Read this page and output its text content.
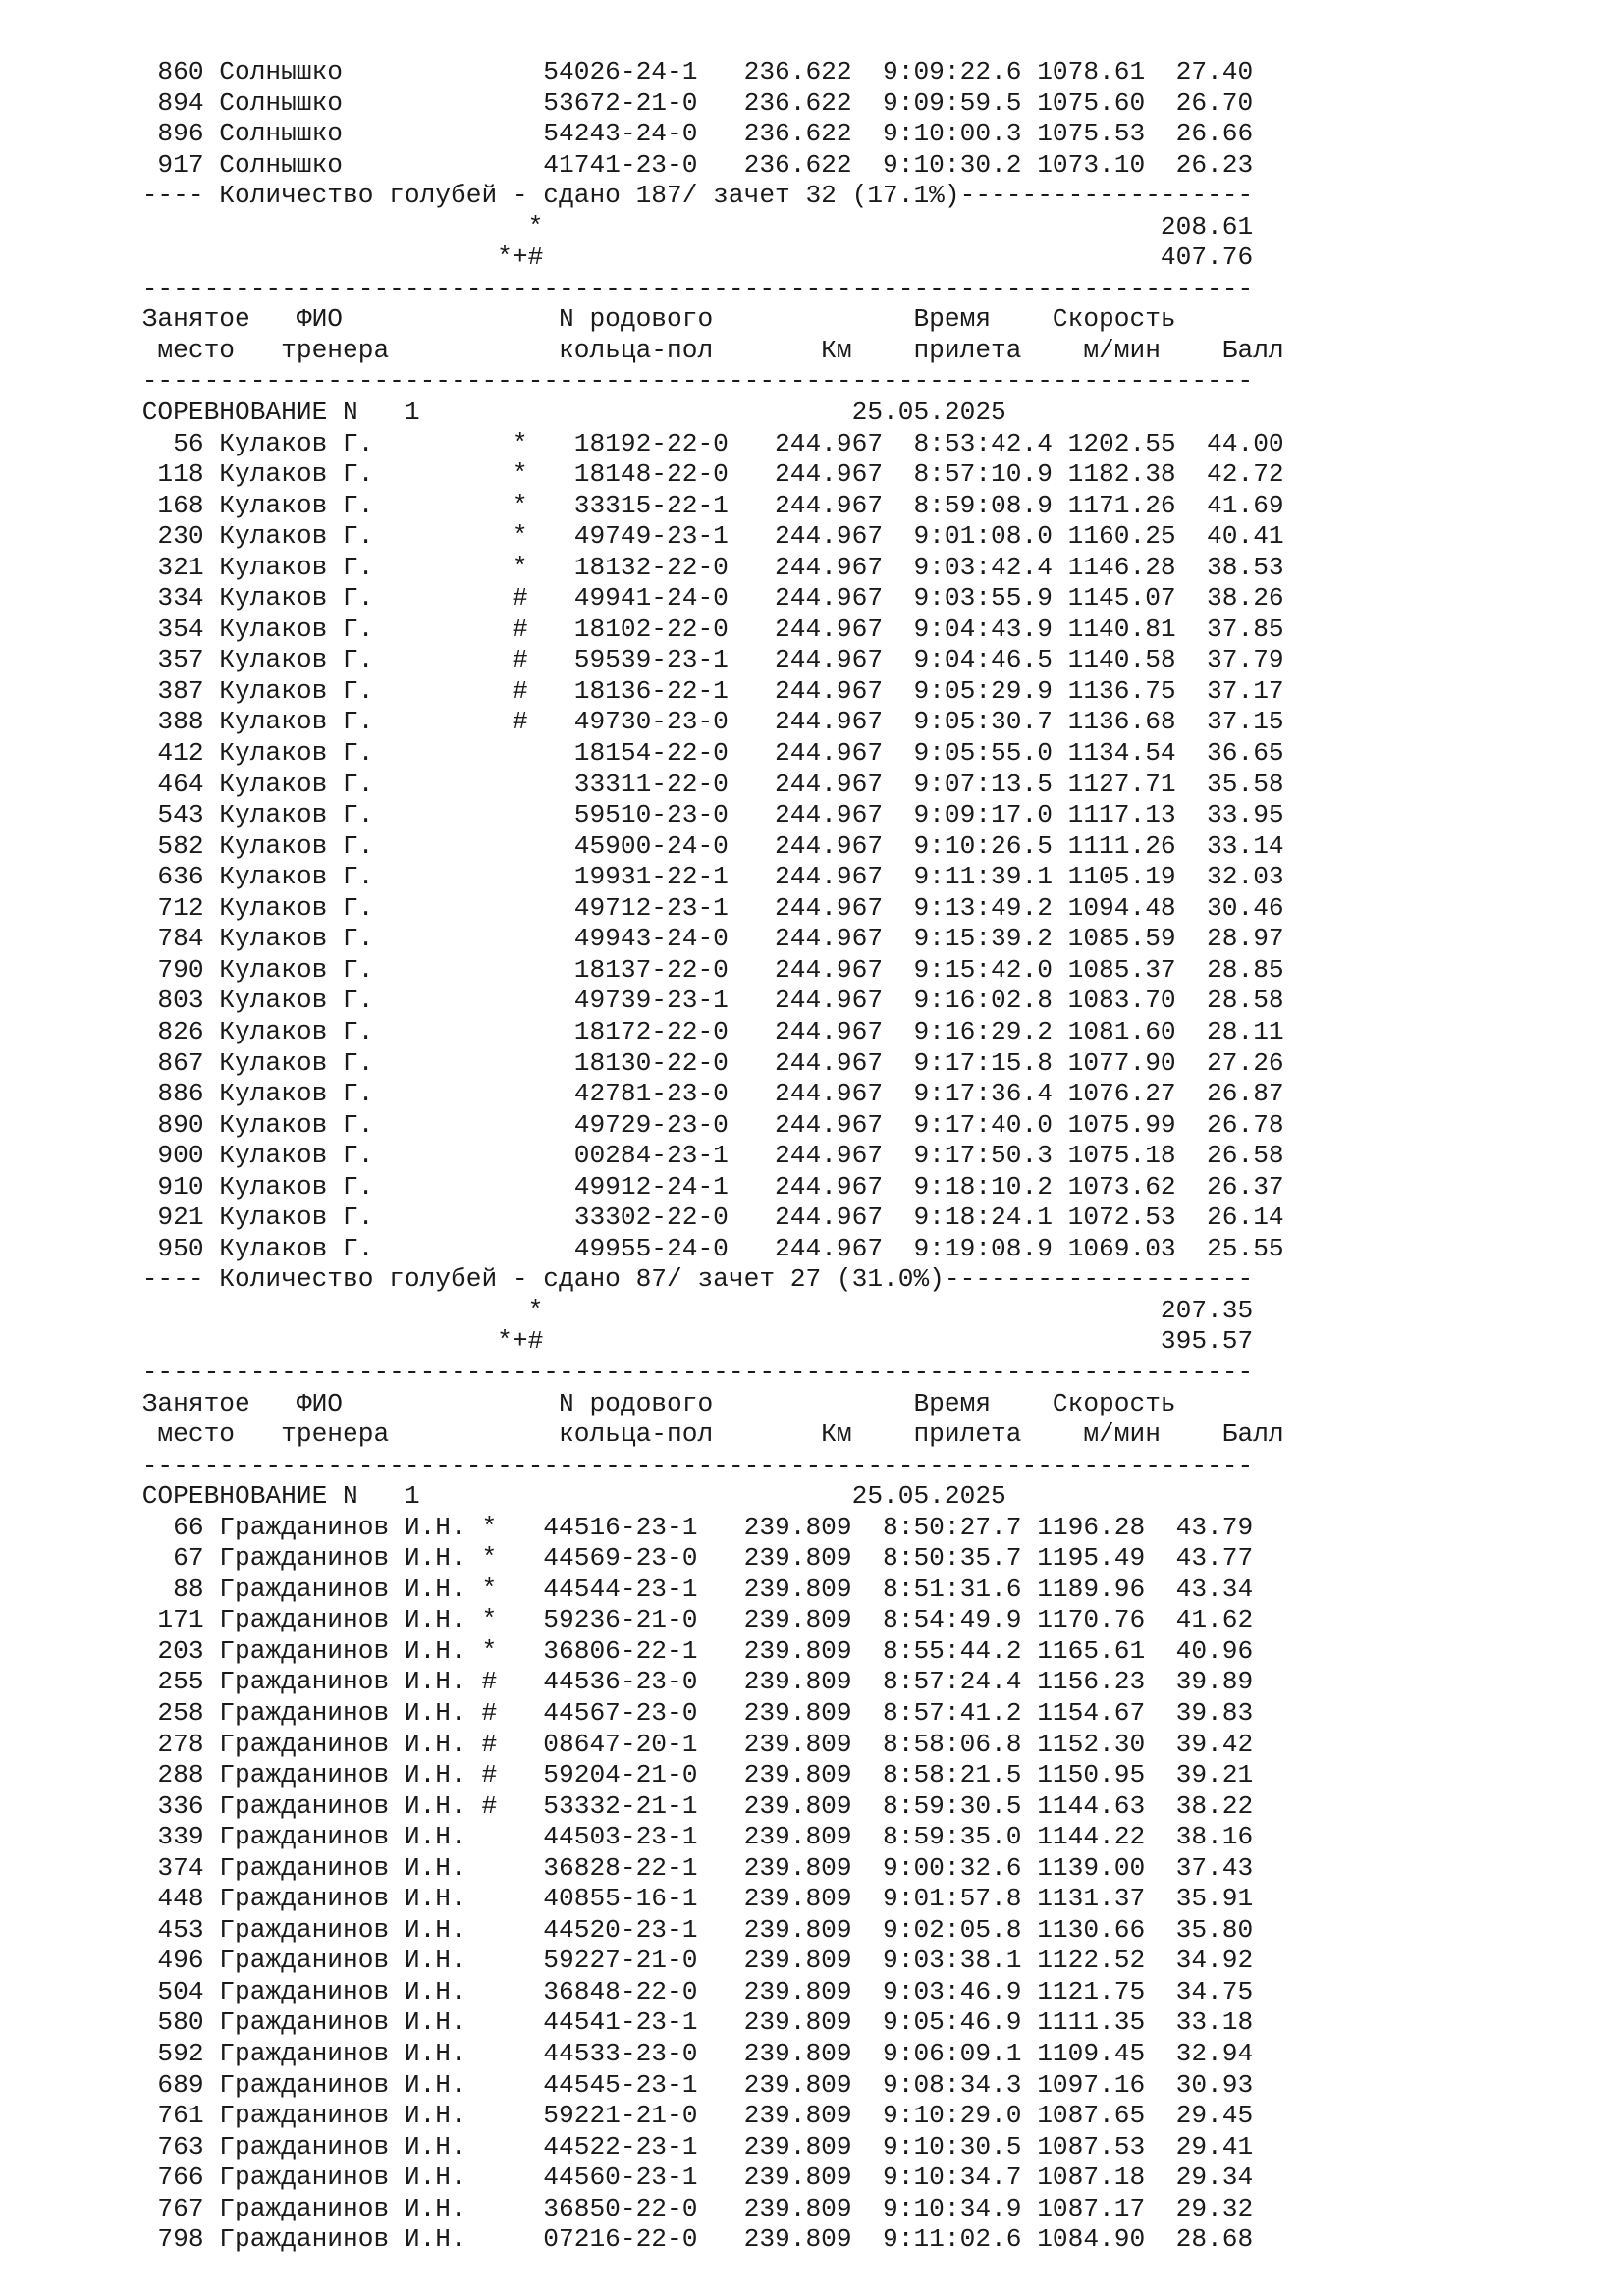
860 Солнышко             54026-24-1   236.622  9:09:22.6 1078.61  27.40
894 Солнышко             53672-21-0   236.622  9:09:59.5 1075.60  26.70
896 Солнышко             54243-24-0   236.622  9:10:00.3 1075.53  26.66
917 Солнышко             41741-23-0   236.622  9:10:30.2 1073.10  26.23
---- Количество голубей - сдано 187/ зачет 32 (17.1%)-------------------
*                                        208.61
*+#                                        407.76
------------------------------------------------------------------------
Занятое   ФИО              N родового             Время    Скорость
место   тренера           кольца-пол       Км    прилета    м/мин    Балл
------------------------------------------------------------------------
СОРЕВНОВАНИЕ N   1                            25.05.2025
56 Кулаков Г.         *   18192-22-0   244.967  8:53:42.4 1202.55  44.00
118 Кулаков Г.         *   18148-22-0   244.967  8:57:10.9 1182.38  42.72
168 Кулаков Г.         *   33315-22-1   244.967  8:59:08.9 1171.26  41.69
230 Кулаков Г.         *   49749-23-1   244.967  9:01:08.0 1160.25  40.41
321 Кулаков Г.         *   18132-22-0   244.967  9:03:42.4 1146.28  38.53
334 Кулаков Г.         #   49941-24-0   244.967  9:03:55.9 1145.07  38.26
354 Кулаков Г.         #   18102-22-0   244.967  9:04:43.9 1140.81  37.85
357 Кулаков Г.         #   59539-23-1   244.967  9:04:46.5 1140.58  37.79
387 Кулаков Г.         #   18136-22-1   244.967  9:05:29.9 1136.75  37.17
388 Кулаков Г.         #   49730-23-0   244.967  9:05:30.7 1136.68  37.15
412 Кулаков Г.             18154-22-0   244.967  9:05:55.0 1134.54  36.65
464 Кулаков Г.             33311-22-0   244.967  9:07:13.5 1127.71  35.58
543 Кулаков Г.             59510-23-0   244.967  9:09:17.0 1117.13  33.95
582 Кулаков Г.             45900-24-0   244.967  9:10:26.5 1111.26  33.14
636 Кулаков Г.             19931-22-1   244.967  9:11:39.1 1105.19  32.03
712 Кулаков Г.             49712-23-1   244.967  9:13:49.2 1094.48  30.46
784 Кулаков Г.             49943-24-0   244.967  9:15:39.2 1085.59  28.97
790 Кулаков Г.             18137-22-0   244.967  9:15:42.0 1085.37  28.85
803 Кулаков Г.             49739-23-1   244.967  9:16:02.8 1083.70  28.58
826 Кулаков Г.             18172-22-0   244.967  9:16:29.2 1081.60  28.11
867 Кулаков Г.             18130-22-0   244.967  9:17:15.8 1077.90  27.26
886 Кулаков Г.             42781-23-0   244.967  9:17:36.4 1076.27  26.87
890 Кулаков Г.             49729-23-0   244.967  9:17:40.0 1075.99  26.78
900 Кулаков Г.             00284-23-1   244.967  9:17:50.3 1075.18  26.58
910 Кулаков Г.             49912-24-1   244.967  9:18:10.2 1073.62  26.37
921 Кулаков Г.             33302-22-0   244.967  9:18:24.1 1072.53  26.14
950 Кулаков Г.             49955-24-0   244.967  9:19:08.9 1069.03  25.55
---- Количество голубей - сдано 87/ зачет 27 (31.0%)--------------------
*                                        207.35
*+#                                        395.57
------------------------------------------------------------------------
Занятое   ФИО              N родового             Время    Скорость
место   тренера           кольца-пол       Км    прилета    м/мин    Балл
------------------------------------------------------------------------
СОРЕВНОВАНИЕ N   1                            25.05.2025
66 Гражданинов И.Н. *   44516-23-1   239.809  8:50:27.7 1196.28  43.79
67 Гражданинов И.Н. *   44569-23-0   239.809  8:50:35.7 1195.49  43.77
88 Гражданинов И.Н. *   44544-23-1   239.809  8:51:31.6 1189.96  43.34
171 Гражданинов И.Н. *   59236-21-0   239.809  8:54:49.9 1170.76  41.62
203 Гражданинов И.Н. *   36806-22-1   239.809  8:55:44.2 1165.61  40.96
255 Гражданинов И.Н. #   44536-23-0   239.809  8:57:24.4 1156.23  39.89
258 Гражданинов И.Н. #   44567-23-0   239.809  8:57:41.2 1154.67  39.83
278 Гражданинов И.Н. #   08647-20-1   239.809  8:58:06.8 1152.30  39.42
288 Гражданинов И.Н. #   59204-21-0   239.809  8:58:21.5 1150.95  39.21
336 Гражданинов И.Н. #   53332-21-1   239.809  8:59:30.5 1144.63  38.22
339 Гражданинов И.Н.     44503-23-1   239.809  8:59:35.0 1144.22  38.16
374 Гражданинов И.Н.     36828-22-1   239.809  9:00:32.6 1139.00  37.43
448 Гражданинов И.Н.     40855-16-1   239.809  9:01:57.8 1131.37  35.91
453 Гражданинов И.Н.     44520-23-1   239.809  9:02:05.8 1130.66  35.80
496 Гражданинов И.Н.     59227-21-0   239.809  9:03:38.1 1122.52  34.92
504 Гражданинов И.Н.     36848-22-0   239.809  9:03:46.9 1121.75  34.75
580 Гражданинов И.Н.     44541-23-1   239.809  9:05:46.9 1111.35  33.18
592 Гражданинов И.Н.     44533-23-0   239.809  9:06:09.1 1109.45  32.94
689 Гражданинов И.Н.     44545-23-1   239.809  9:08:34.3 1097.16  30.93
761 Гражданинов И.Н.     59221-21-0   239.809  9:10:29.0 1087.65  29.45
763 Гражданинов И.Н.     44522-23-1   239.809  9:10:30.5 1087.53  29.41
766 Гражданинов И.Н.     44560-23-1   239.809  9:10:34.7 1087.18  29.34
767 Гражданинов И.Н.     36850-22-0   239.809  9:10:34.9 1087.17  29.32
798 Гражданинов И.Н.     07216-22-0   239.809  9:11:02.6 1084.90  28.68
